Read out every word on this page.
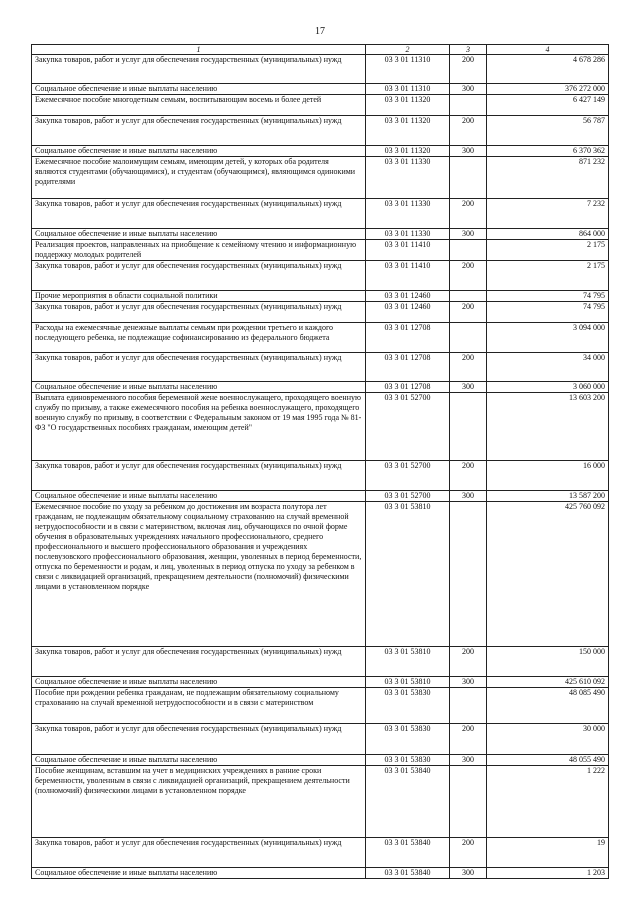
17
1	2	3	4
Закупка товаров, работ и услуг для обеспечения государственных (муниципальных) нужд	03 3 01 11310	200	4 678 286
Социальное обеспечение и иные выплаты населению	03 3 01 11310	300	376 272 000
Ежемесячное пособие многодетным семьям, воспитывающим восемь и более детей	03 3 01 11320		6 427 149
Закупка товаров, работ и услуг для обеспечения государственных (муниципальных) нужд	03 3 01 11320	200	56 787
Социальное обеспечение и иные выплаты населению	03 3 01 11320	300	6 370 362
Ежемесячное пособие малоимущим семьям, имеющим детей, у которых оба родителя являются студентами (обучающимися), и студентам (обучающимся), являющимся одинокими родителями	03 3 01 11330		871 232
Закупка товаров, работ и услуг для обеспечения государственных (муниципальных) нужд	03 3 01 11330	200	7 232
Социальное обеспечение и иные выплаты населению	03 3 01 11330	300	864 000
Реализация проектов, направленных на приобщение к семейному чтению и информационную поддержку молодых родителей	03 3 01 11410		2 175
Закупка товаров, работ и услуг для обеспечения государственных (муниципальных) нужд	03 3 01 11410	200	2 175
Прочие мероприятия в области социальной политики	03 3 01 12460		74 795
Закупка товаров, работ и услуг для обеспечения государственных (муниципальных) нужд	03 3 01 12460	200	74 795
Расходы на ежемесячные денежные выплаты семьям при рождении третьего и каждого последующего ребенка, не подлежащие софинансированию из федерального бюджета	03 3 01 12708		3 094 000
Закупка товаров, работ и услуг для обеспечения государственных (муниципальных) нужд	03 3 01 12708	200	34 000
Социальное обеспечение и иные выплаты населению	03 3 01 12708	300	3 060 000
Выплата единовременного пособия беременной жене военнослужащего, проходящего военную службу по призыву, а также ежемесячного пособия на ребенка военнослужащего, проходящего военную службу по призыву, в соответствии с Федеральным законом от 19 мая 1995 года № 81-ФЗ "О государственных пособиях гражданам, имеющим детей"	03 3 01 52700		13 603 200
Закупка товаров, работ и услуг для обеспечения государственных (муниципальных) нужд	03 3 01 52700	200	16 000
Социальное обеспечение и иные выплаты населению	03 3 01 52700	300	13 587 200
Ежемесячное пособие по уходу за ребенком до достижения им возраста полутора лет гражданам, не подлежащим обязательному социальному страхованию на случай временной нетрудоспособности и в связи с материнством, включая лиц, обучающихся по очной форме обучения в образовательных учреждениях начального профессионального, среднего профессионального и высшего профессионального образования и учреждениях послевузовского профессионального образования, женщин, уволенных в период беременности, отпуска по беременности и родам, и лиц, уволенных в период отпуска по уходу за ребенком в связи с ликвидацией организаций, прекращением деятельности (полномочий) физическими лицами в установленном порядке	03 3 01 53810		425 760 092
Закупка товаров, работ и услуг для обеспечения государственных (муниципальных) нужд	03 3 01 53810	200	150 000
Социальное обеспечение и иные выплаты населению	03 3 01 53810	300	425 610 092
Пособие при рождении ребенка гражданам, не подлежащим обязательному социальному страхованию на случай временной нетрудоспособности и в связи с материнством	03 3 01 53830		48 085 490
Закупка товаров, работ и услуг для обеспечения государственных (муниципальных) нужд	03 3 01 53830	200	30 000
Социальное обеспечение и иные выплаты населению	03 3 01 53830	300	48 055 490
Пособие женщинам, вставшим на учет в медицинских учреждениях в ранние сроки беременности, уволенным в связи с ликвидацией организаций, прекращением деятельности (полномочий) физическими лицами в установленном порядке	03 3 01 53840		1 222
Закупка товаров, работ и услуг для обеспечения государственных (муниципальных) нужд	03 3 01 53840	200	19
Социальное обеспечение и иные выплаты населению	03 3 01 53840	300	1 203
